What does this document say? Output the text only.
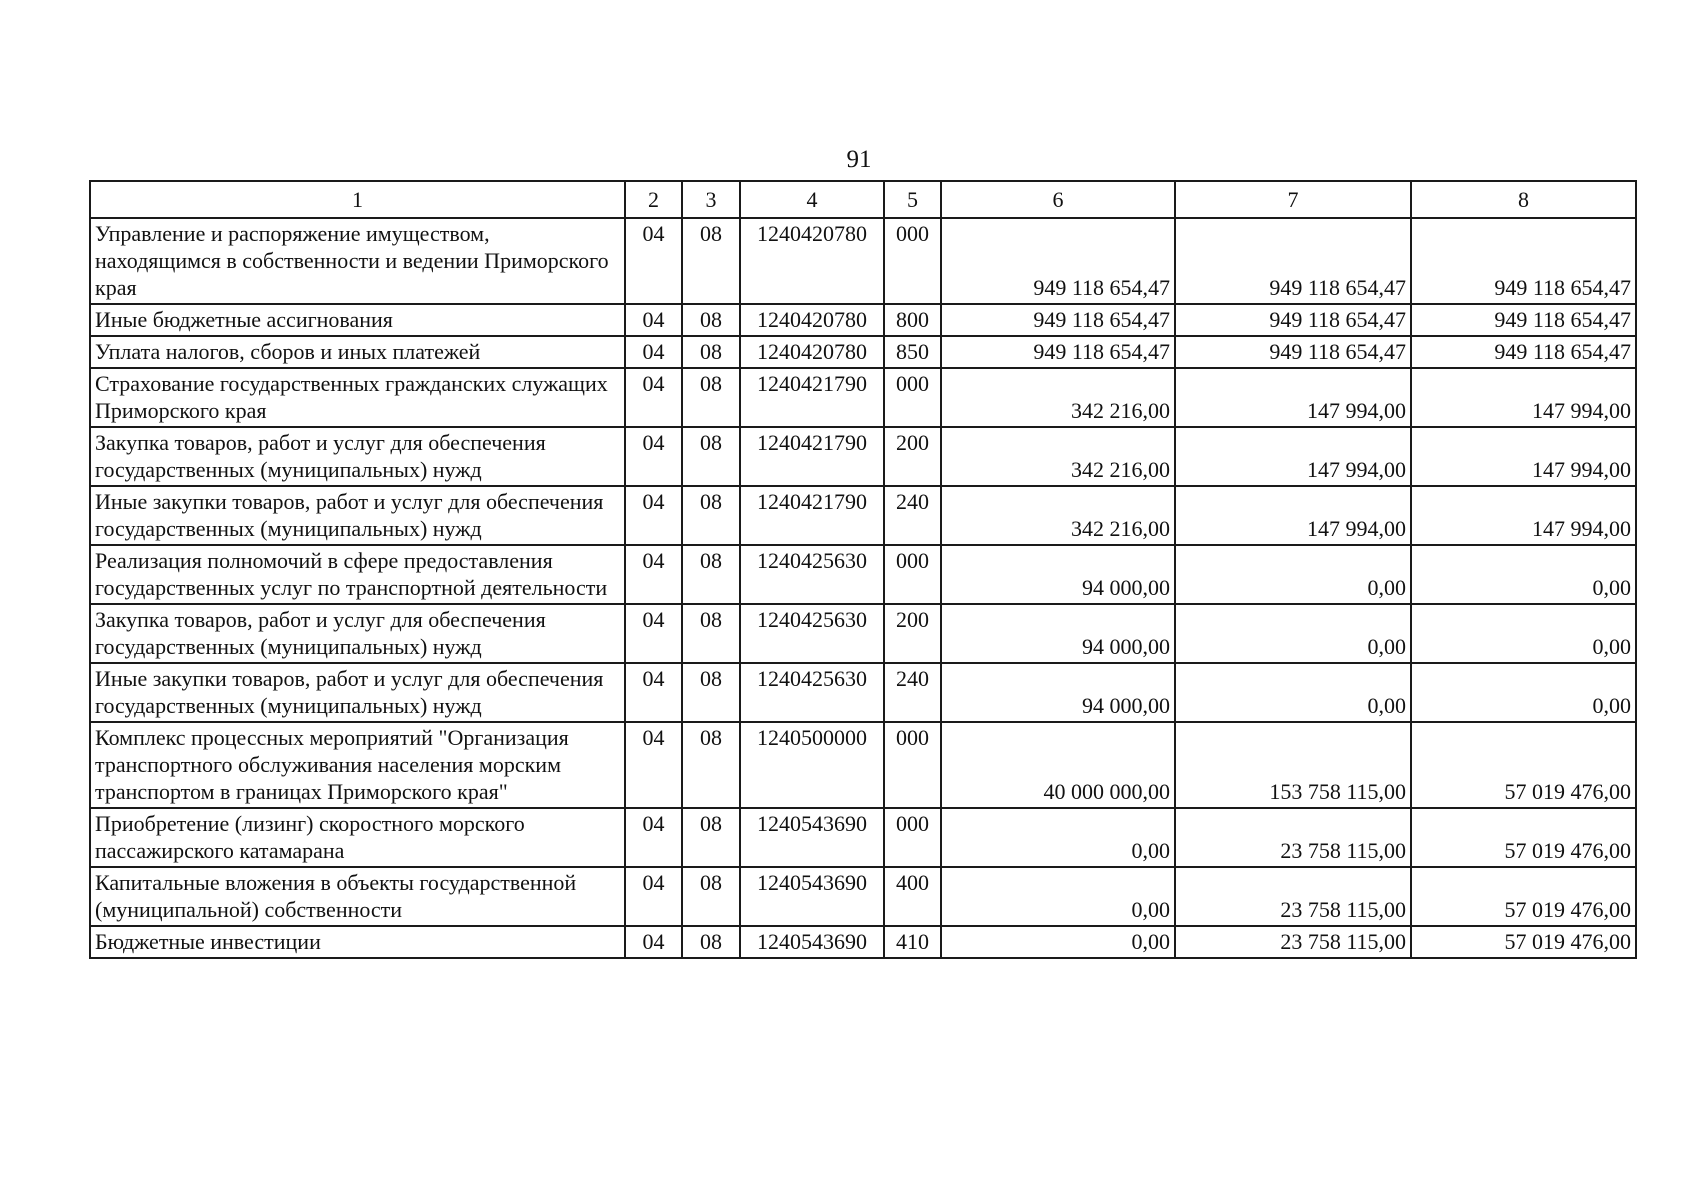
91
1	2	3	4	5	6	7	8
Управление и распоряжение имуществом, находящимся в собственности и ведении Приморского края	04	08	1240420780	000	949 118 654,47	949 118 654,47	949 118 654,47
Иные бюджетные ассигнования	04	08	1240420780	800	949 118 654,47	949 118 654,47	949 118 654,47
Уплата налогов, сборов и иных платежей	04	08	1240420780	850	949 118 654,47	949 118 654,47	949 118 654,47
Страхование государственных гражданских служащих Приморского края	04	08	1240421790	000	342 216,00	147 994,00	147 994,00
Закупка товаров, работ и услуг для обеспечения государственных (муниципальных) нужд	04	08	1240421790	200	342 216,00	147 994,00	147 994,00
Иные закупки товаров, работ и услуг для обеспечения государственных (муниципальных) нужд	04	08	1240421790	240	342 216,00	147 994,00	147 994,00
Реализация полномочий в сфере предоставления государственных услуг по транспортной деятельности	04	08	1240425630	000	94 000,00	0,00	0,00
Закупка товаров, работ и услуг для обеспечения государственных (муниципальных) нужд	04	08	1240425630	200	94 000,00	0,00	0,00
Иные закупки товаров, работ и услуг для обеспечения государственных (муниципальных) нужд	04	08	1240425630	240	94 000,00	0,00	0,00
Комплекс процессных мероприятий "Организация транспортного обслуживания населения морским транспортом в границах Приморского края"	04	08	1240500000	000	40 000 000,00	153 758 115,00	57 019 476,00
Приобретение (лизинг) скоростного морского пассажирского катамарана	04	08	1240543690	000	0,00	23 758 115,00	57 019 476,00
Капитальные вложения в объекты государственной (муниципальной) собственности	04	08	1240543690	400	0,00	23 758 115,00	57 019 476,00
Бюджетные инвестиции	04	08	1240543690	410	0,00	23 758 115,00	57 019 476,00
